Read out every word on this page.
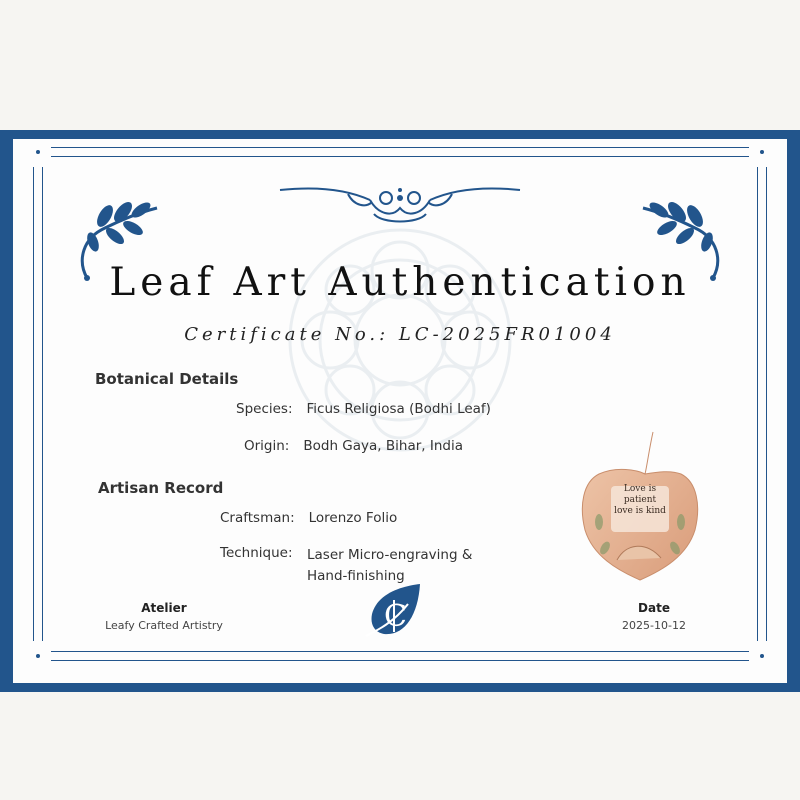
Leaf Art Authentication
Certificate No.: LC-2025FR01004
Botanical Details
Species: Ficus Religiosa (Bodhi Leaf)
Origin: Bodh Gaya, Bihar, India
Artisan Record
Craftsman: Lorenzo Folio
Technique: Laser Micro-engraving & Hand-finishing
Love is patient
love is kind
Atelier
Leafy Crafted Artistry
Date
2025-10-12
C
